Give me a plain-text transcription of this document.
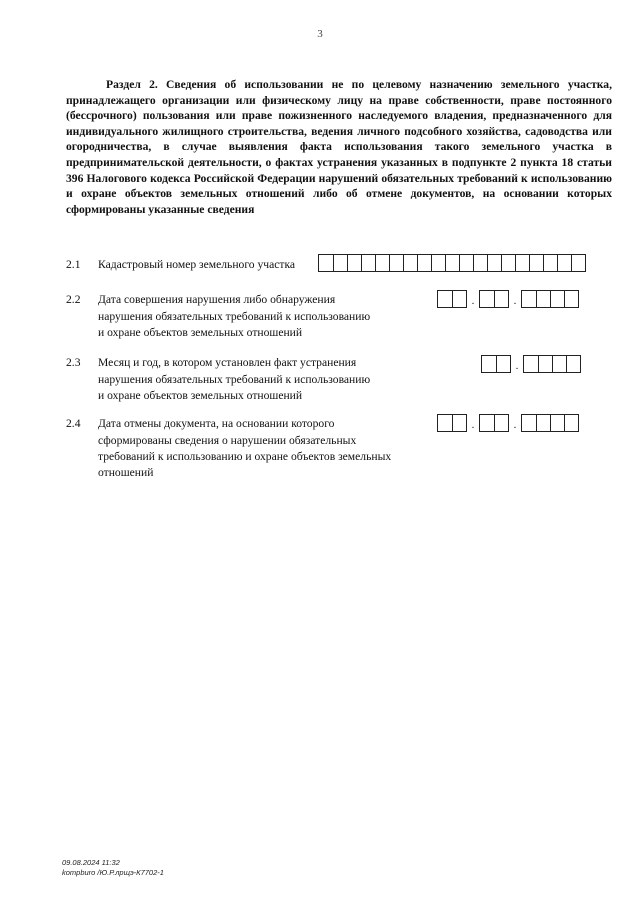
3
Раздел 2. Сведения об использовании не по целевому назначению земельного участка, принадлежащего организации или физическому лицу на праве собственности, праве постоянного (бессрочного) пользования или праве пожизненного наследуемого владения, предназначенного для индивидуального жилищного строительства, ведения личного подсобного хозяйства, садоводства или огородничества, в случае выявления факта использования такого земельного участка в предпринимательской деятельности, о фактах устранения указанных в подпункте 2 пункта 18 статьи 396 Налогового кодекса Российской Федерации нарушений обязательных требований к использованию и охране объектов земельных отношений либо об отмене документов, на основании которых сформированы указанные сведения
2.1	Кадастровый номер земельного участка
2.2	Дата совершения нарушения либо обнаружения
нарушения обязательных требований к использованию
и охране объектов земельных отношений
.	.
2.3	Месяц и год, в котором установлен факт устранения
нарушения обязательных требований к использованию
и охране объектов земельных отношений
.
2.4	Дата отмены документа, на основании которого
сформированы сведения о нарушении обязательных
требований к использованию и охране объектов земельных
отношений
.	.
09.08.2024 11:32
kompburo /Ю.Р.лрщэ-К7702-1
